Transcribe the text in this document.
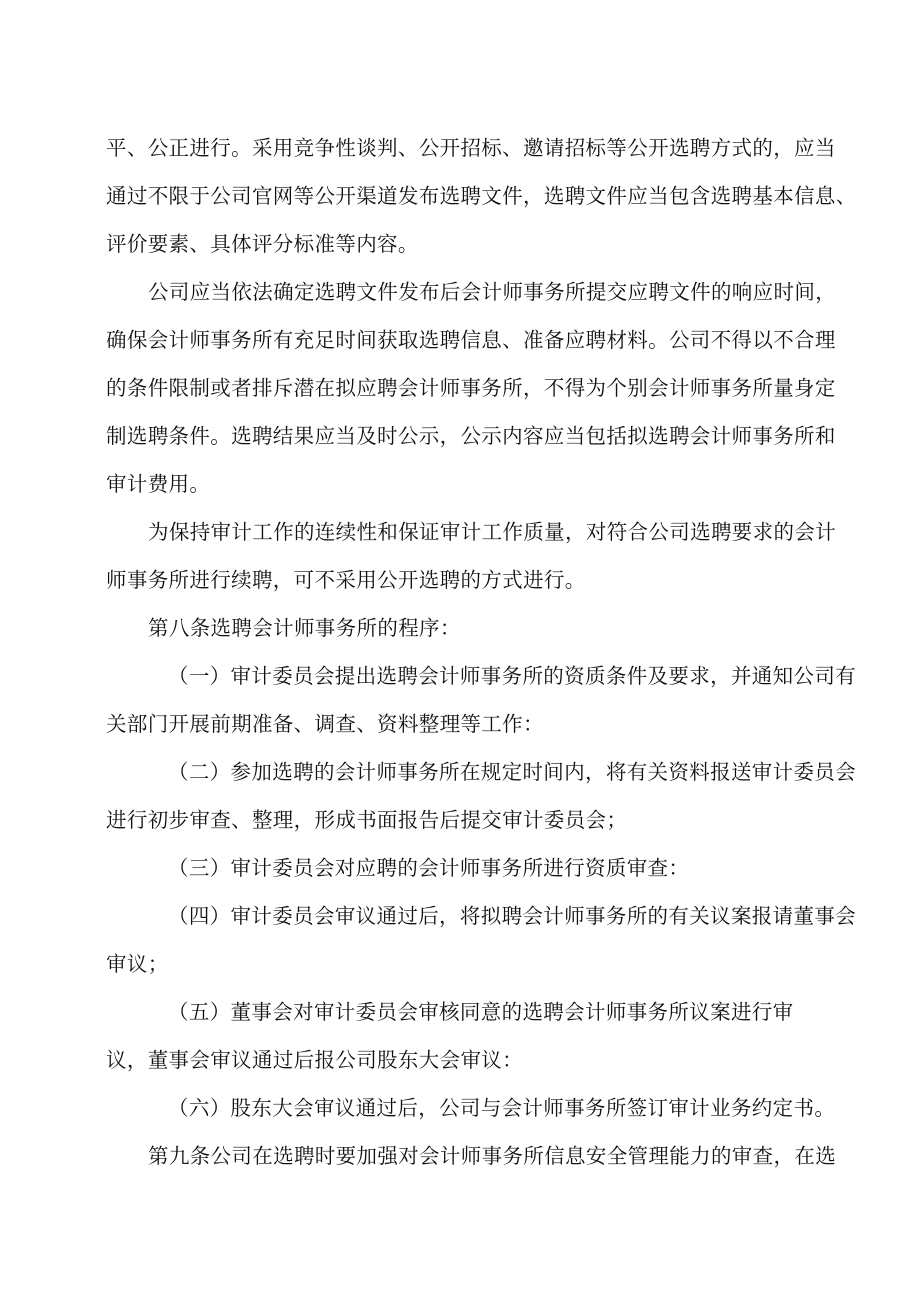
平、公正进行。采用竞争性谈判、公开招标、邀请招标等公开选聘方式的，应当
通过不限于公司官网等公开渠道发布选聘文件，选聘文件应当包含选聘基本信息、
评价要素、具体评分标准等内容。
公司应当依法确定选聘文件发布后会计师事务所提交应聘文件的响应时间，
确保会计师事务所有充足时间获取选聘信息、准备应聘材料。公司不得以不合理
的条件限制或者排斥潜在拟应聘会计师事务所，不得为个别会计师事务所量身定
制选聘条件。选聘结果应当及时公示，公示内容应当包括拟选聘会计师事务所和
审计费用。
为保持审计工作的连续性和保证审计工作质量，对符合公司选聘要求的会计
师事务所进行续聘，可不采用公开选聘的方式进行。
第八条选聘会计师事务所的程序：
（一）审计委员会提出选聘会计师事务所的资质条件及要求，并通知公司有
关部门开展前期准备、调查、资料整理等工作：
（二）参加选聘的会计师事务所在规定时间内，将有关资料报送审计委员会
进行初步审查、整理，形成书面报告后提交审计委员会；
（三）审计委员会对应聘的会计师事务所进行资质审查：
（四）审计委员会审议通过后，将拟聘会计师事务所的有关议案报请董事会
审议；
（五）董事会对审计委员会审核同意的选聘会计师事务所议案进行审
议，董事会审议通过后报公司股东大会审议：
（六）股东大会审议通过后，公司与会计师事务所签订审计业务约定书。
第九条公司在选聘时要加强对会计师事务所信息安全管理能力的审查，在选
